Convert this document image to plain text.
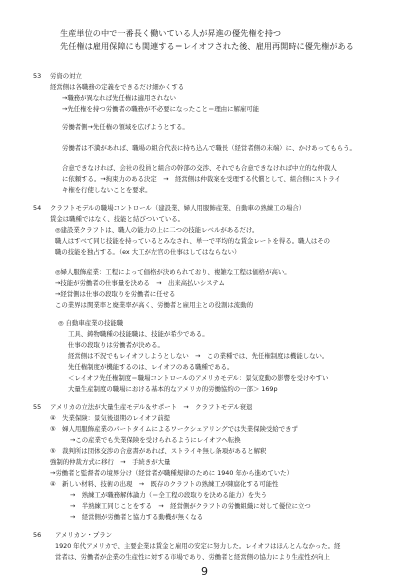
生産単位の中で一番長く働いている人が昇進の優先権を持つ
先任権は雇用保障にも関連する＝レイオフされた後、雇用再開時に優先権がある
53 労資の対立
経営側は各職務の定義をできるだけ細かくする
→職務が異なれば先任権は適用されない
→先任権を持つ労働者の職務が不必要になったこと＝理由に解雇可能
労働者側→先任権の領域を広げようとする。
労働者は不満があれば、職場の組合代表に持ち込んで職長（経営者側の末端）に、かけあってもらう。
合意できなければ、会社の役員と組合の幹部の交渉、それでも合意できなければ中立的な仲裁人
に依頼する。→拘束力のある決定　→　経営側は仲裁案を受理する代償として、組合側にストライ
キ権を行使しないことを要求。
54 クラフトモデルの職場コントロール（建設業、婦人用服飾産業、自動車の熟練工の場合）
賃金は職種ではなく、技能と結びついている。
◎建設業クラフトは、職人の能力の上に二つの技能レベルがあるだけ。
職人はすべて同じ技能を持っているとみなされ、単一で平均的な賃金レートを得る。職人はその
職の技能を独占する。（ex 大工が左官の仕事はしてはならない）
◎婦人服飾産業：工程によって価格が決められており、複雑な工程は価格が高い。
→技能が労働者の仕事量を決める　→　出来高払いシステム
→経営側は仕事の段取りを労働者に任せる
この業界は関業率と廃業率が高く、労働者と雇用主との役割は流動的
◎ 自動車産業の技能職
工具、鋳物職種の技能職は、技能が希少である。
仕事の段取りは労働者が決める。
経営側は不況でもレイオフしようとしない　→　この業種では、先任権制度は機能しない。
先任権制度が機能するのは、レイオフのある職種である。
＜レイオフ先任権制度＝職場コントロールのアメリカモデル：景気変動の影響を受けやすい
大量生産制度の職場における基本的なアメリカ的労働協約の一部＞ 169p
55 アメリカの立法が大量生産モデル＆サポート　→　クラフトモデル衰退
④　失業保険：景気後退期のレイオフ前提
⑤　婦人用服飾産業のパートタイムによるワークシェアリングでは失業保険受給できず
→この産業でも失業保険を受けられるようにレイオフへ転換
⑤　裁判所は団体交渉の合意書があれば、ストライキ無し条項があると解釈
強制的仲裁方式に移行　→　手続きが大量
→労働者と監督者の境界分け（経営者が職種規律のために 1940 年から進めていた）
④　新しい材料、技術の出現　→　既存のクラフトの熟練工が陳腐化する可能性
→　熟練工が職務解体論力（＝全工程の段取りを決める能力）を失う
→　半熟練工同じことをする　→　経営側がクラフトの労働組織に対して優位に立つ
→　経営側が労働者と協力する動機が無くなる
56 アメリカン・プラン
1920 年代アメリカで、主要企業は賃金と雇用の安定に努力した。レイオフはほんとんなかった。経
営者は、労働者が企業の生産性に対する市場であり、労働者と経営側の協力により生産性が向上
9
